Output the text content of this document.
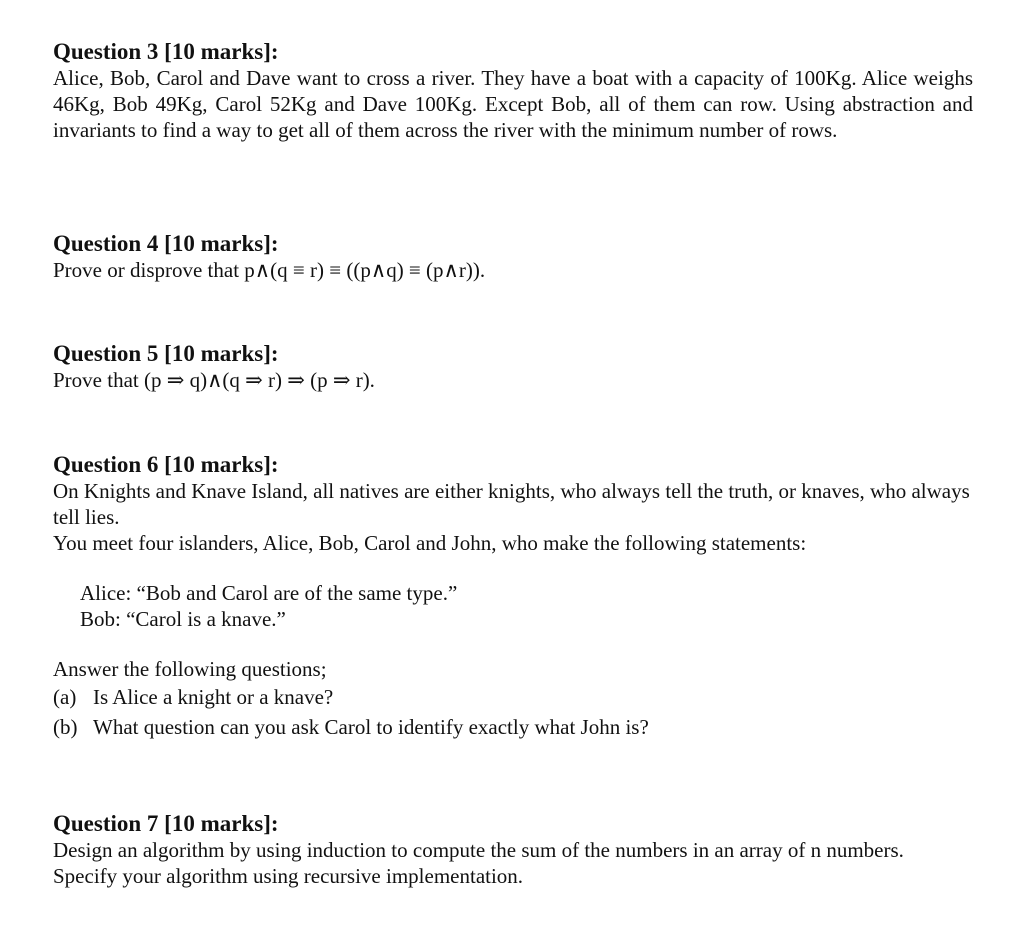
Question 3 [10 marks]:

Alice, Bob, Carol and Dave want to cross a river. They have a boat with a capacity of 100Kg. Alice weighs 46Kg, Bob 49Kg, Carol 52Kg and Dave 100Kg. Except Bob, all of them can row. Using abstraction and invariants to find a way to get all of them across the river with the minimum number of rows.

Question 4 [10 marks]:

Prove or disprove that p∧(q ≡ r) ≡ ((p∧q) ≡ (p∧r)).

Question 5 [10 marks]:

Prove that (p ⇒ q)∧(q ⇒ r) ⇒ (p ⇒ r).

Question 6 [10 marks]:

On Knights and Knave Island, all natives are either knights, who always tell the truth, or knaves, who always tell lies.

You meet four islanders, Alice, Bob, Carol and John, who make the following statements:

Alice: “Bob and Carol are of the same type.”

Bob: “Carol is a knave.”

Answer the following questions;

(a) Is Alice a knight or a knave?
(b) What question can you ask Carol to identify exactly what John is?
Question 7 [10 marks]:

Design an algorithm by using induction to compute the sum of the numbers in an array of n numbers. Specify your algorithm using recursive implementation.
